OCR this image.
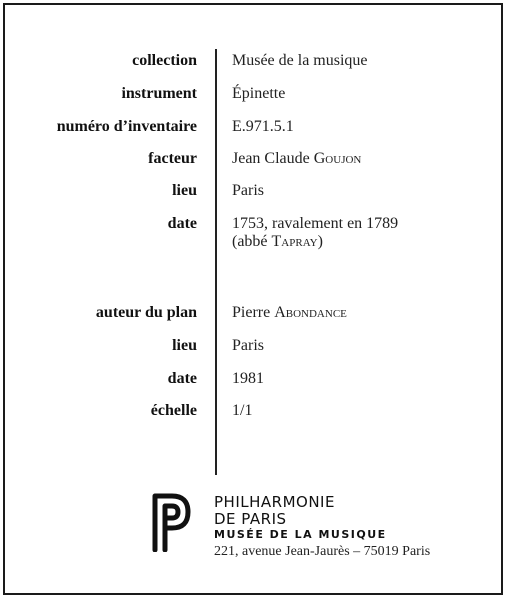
collection Musée de la musique
instrument Épinette
numéro d’inventaire E.971.5.1
facteur Jean Claude Goujon
lieu Paris
date 1753, ravalement en 1789
(abbé Tapray)
auteur du plan Pierre Abondance
lieu Paris
date 1981
échelle 1/1
PHILHARMONIE
DE PARIS
MUSÉE DE LA MUSIQUE
221, avenue Jean-Jaurès – 75019 Paris
